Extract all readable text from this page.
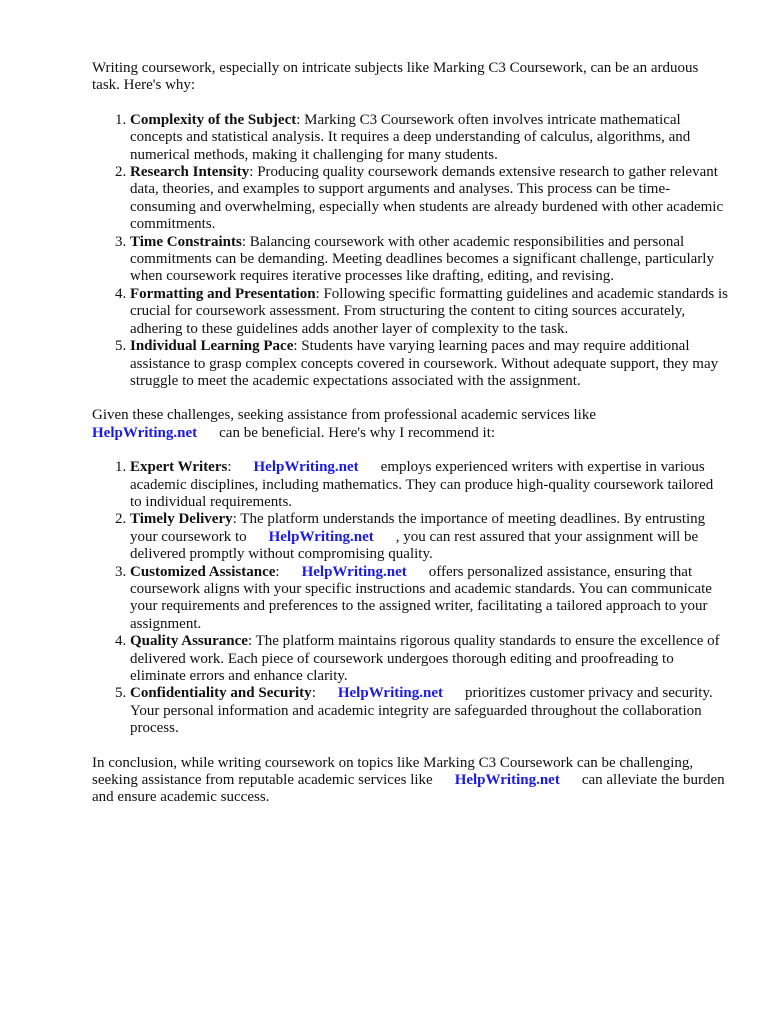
Writing coursework, especially on intricate subjects like Marking C3 Coursework, can be an arduous task. Here's why:

1. Complexity of the Subject: Marking C3 Coursework often involves intricate mathematical concepts and statistical analysis. It requires a deep understanding of calculus, algorithms, and numerical methods, making it challenging for many students.
2. Research Intensity: Producing quality coursework demands extensive research to gather relevant data, theories, and examples to support arguments and analyses. This process can be time-consuming and overwhelming, especially when students are already burdened with other academic commitments.
3. Time Constraints: Balancing coursework with other academic responsibilities and personal commitments can be demanding. Meeting deadlines becomes a significant challenge, particularly when coursework requires iterative processes like drafting, editing, and revising.
4. Formatting and Presentation: Following specific formatting guidelines and academic standards is crucial for coursework assessment. From structuring the content to citing sources accurately, adhering to these guidelines adds another layer of complexity to the task.
5. Individual Learning Pace: Students have varying learning paces and may require additional assistance to grasp complex concepts covered in coursework. Without adequate support, they may struggle to meet the academic expectations associated with the assignment.

Given these challenges, seeking assistance from professional academic services like
HelpWriting.net can be beneficial. Here's why I recommend it:

1. Expert Writers: HelpWriting.net employs experienced writers with expertise in various academic disciplines, including mathematics. They can produce high-quality coursework tailored to individual requirements.
2. Timely Delivery: The platform understands the importance of meeting deadlines. By entrusting your coursework to HelpWriting.net , you can rest assured that your assignment will be delivered promptly without compromising quality.
3. Customized Assistance: HelpWriting.net offers personalized assistance, ensuring that coursework aligns with your specific instructions and academic standards. You can communicate your requirements and preferences to the assigned writer, facilitating a tailored approach to your assignment.
4. Quality Assurance: The platform maintains rigorous quality standards to ensure the excellence of delivered work. Each piece of coursework undergoes thorough editing and proofreading to eliminate errors and enhance clarity.
5. Confidentiality and Security: HelpWriting.net prioritizes customer privacy and security. Your personal information and academic integrity are safeguarded throughout the collaboration process.

In conclusion, while writing coursework on topics like Marking C3 Coursework can be challenging, seeking assistance from reputable academic services like HelpWriting.net can alleviate the burden and ensure academic success.
